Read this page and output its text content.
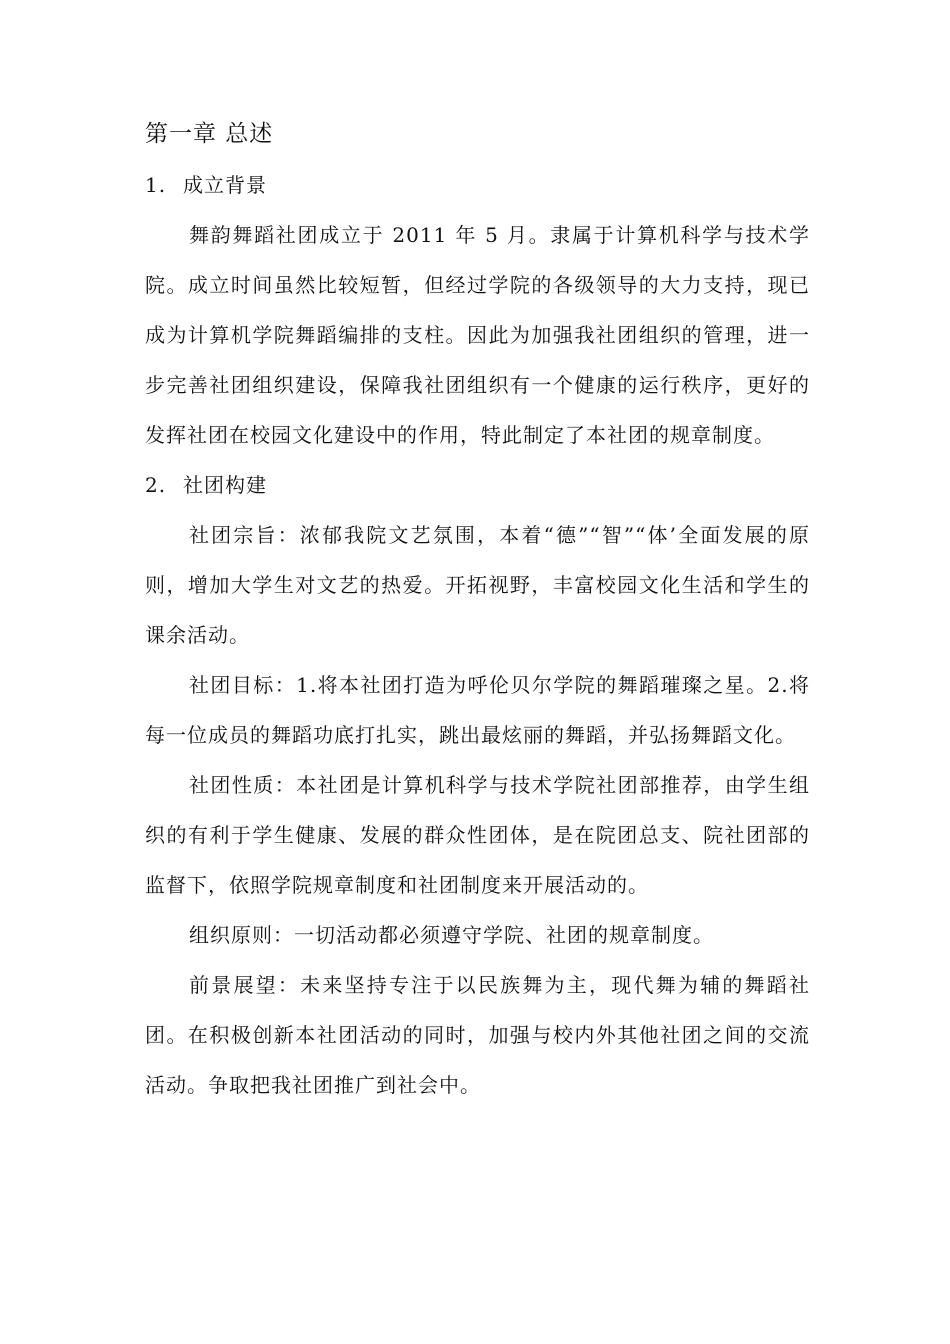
第一章 总述
1. 成立背景

舞韵舞蹈社团成立于 2011 年 5 月。隶属于计算机科学与技术学院。成立时间虽然比较短暂，但经过学院的各级领导的大力支持，现已成为计算机学院舞蹈编排的支柱。因此为加强我社团组织的管理，进一步完善社团组织建设，保障我社团组织有一个健康的运行秩序，更好的发挥社团在校园文化建设中的作用，特此制定了本社团的规章制度。

2. 社团构建

社团宗旨：浓郁我院文艺氛围，本着“德”“智”“体’全面发展的原则，增加大学生对文艺的热爱。开拓视野，丰富校园文化生活和学生的课余活动。

社团目标：1.将本社团打造为呼伦贝尔学院的舞蹈璀璨之星。2.将每一位成员的舞蹈功底打扎实，跳出最炫丽的舞蹈，并弘扬舞蹈文化。

社团性质：本社团是计算机科学与技术学院社团部推荐，由学生组织的有利于学生健康、发展的群众性团体，是在院团总支、院社团部的监督下，依照学院规章制度和社团制度来开展活动的。

组织原则：一切活动都必须遵守学院、社团的规章制度。

前景展望：未来坚持专注于以民族舞为主，现代舞为辅的舞蹈社团。在积极创新本社团活动的同时，加强与校内外其他社团之间的交流活动。争取把我社团推广到社会中。
